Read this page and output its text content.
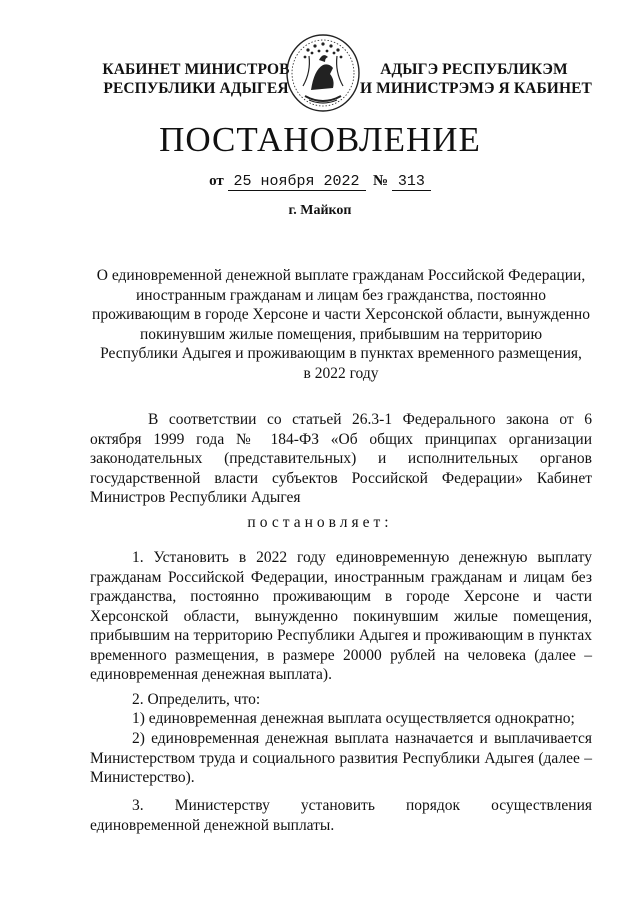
КАБИНЕТ МИНИСТРОВ
РЕСПУБЛИКИ АДЫГЕЯ
АДЫГЭ РЕСПУБЛИКЭМ
И МИНИСТРЭМЭ Я КАБИНЕТ
ПОСТАНОВЛЕНИЕ
от 25 ноября 2022 № 313
г. Майкоп
О единовременной денежной выплате гражданам Российской Федерации,
иностранным гражданам и лицам без гражданства, постоянно
проживающим в городе Херсоне и части Херсонской области, вынужденно
покинувшим жилые помещения, прибывшим на территорию
Республики Адыгея и проживающим в пунктах временного размещения,
в 2022 году
В соответствии со статьей 26.3-1 Федерального закона от 6 октября 1999 года № 184-ФЗ «Об общих принципах организации законодательных (представительных) и исполнительных органов государственной власти субъектов Российской Федерации» Кабинет Министров Республики Адыгея
постановляет:
1. Установить в 2022 году единовременную денежную выплату гражданам Российской Федерации, иностранным гражданам и лицам без гражданства, постоянно проживающим в городе Херсоне и части Херсонской области, вынужденно покинувшим жилые помещения, прибывшим на территорию Республики Адыгея и проживающим в пунктах временного размещения, в размере 20000 рублей на человека (далее – единовременная денежная выплата).
2. Определить, что:
1) единовременная денежная выплата осуществляется однократно;
2) единовременная денежная выплата назначается и выплачивается Министерством труда и социального развития Республики Адыгея (далее – Министерство).
3. Министерству установить порядок осуществления единовременной денежной выплаты.
